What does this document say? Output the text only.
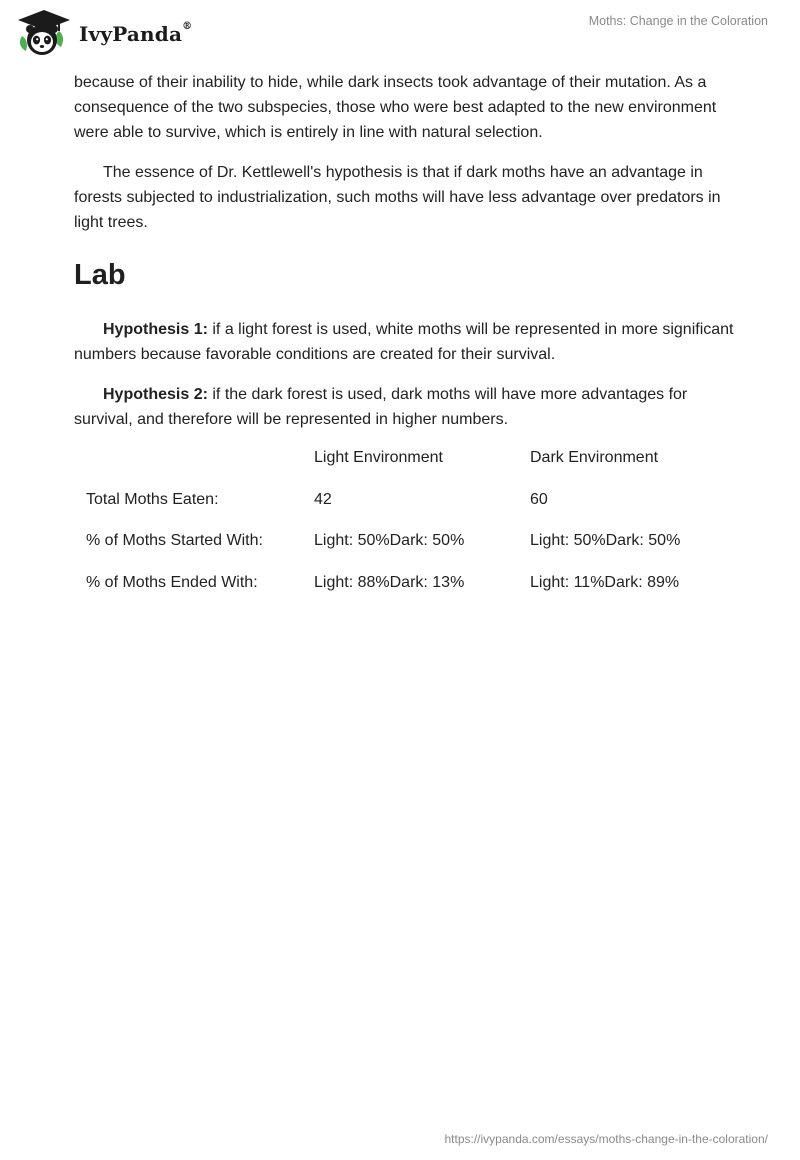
IvyPanda®	Moths: Change in the Coloration

because of their inability to hide, while dark insects took advantage of their mutation. As a consequence of the two subspecies, those who were best adapted to the new environment were able to survive, which is entirely in line with natural selection.

The essence of Dr. Kettlewell's hypothesis is that if dark moths have an advantage in forests subjected to industrialization, such moths will have less advantage over predators in light trees.

Lab

Hypothesis 1: if a light forest is used, white moths will be represented in more significant numbers because favorable conditions are created for their survival.

Hypothesis 2: if the dark forest is used, dark moths will have more advantages for survival, and therefore will be represented in higher numbers.

	Light Environment	Dark Environment
Total Moths Eaten:	42	60
% of Moths Started With:	Light: 50%Dark: 50%	Light: 50%Dark: 50%
% of Moths Ended With:	Light: 88%Dark: 13%	Light: 11%Dark: 89%
https://ivypanda.com/essays/moths-change-in-the-coloration/
